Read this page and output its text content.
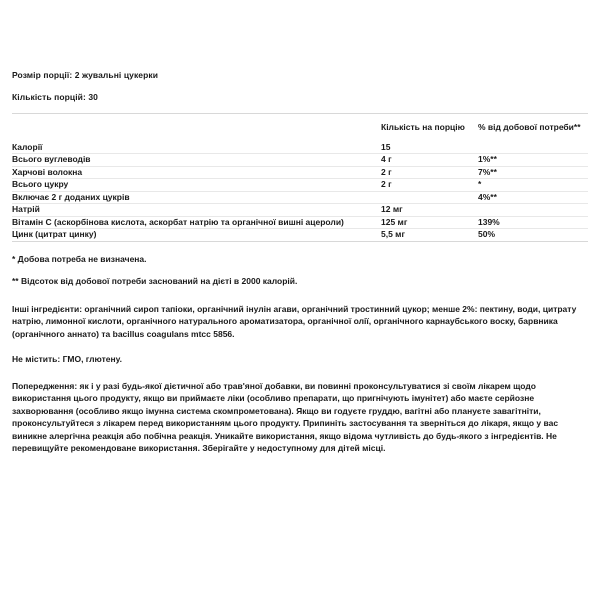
Розмір порції: 2 жувальні цукерки

Кількість порцій: 30

	Кількість на порцію	% від добової потреби**
Калорії	15	
Всього вуглеводів	4 г	1%**
Харчові волокна	2 г	7%**
Всього цукру	2 г	*
Включає 2 г доданих цукрів		4%**
Натрій	12 мг	
Вітамін C (аскорбінова кислота, аскорбат натрію та органічної вишні ацероли)	125 мг	139%
Цинк (цитрат цинку)	5,5 мг	50%

* Добова потреба не визначена.

** Відсоток від добової потреби заснований на дієті в 2000 калорій.

Інші інгредієнти: органічний сироп тапіоки, органічний інулін агави, органічний тростинний цукор; менше 2%: пектину, води, цитрату натрію, лимонної кислоти, органічного натурального ароматизатора, органічної олії, органічного карнаубського воску, барвника (органічного аннато) та bacillus coagulans mtcc 5856.

Не містить: ГМО, глютену.

Попередження: як і у разі будь-якої дієтичної або трав'яної добавки, ви повинні проконсультуватися зі своїм лікарем щодо використання цього продукту, якщо ви приймаєте ліки (особливо препарати, що пригнічують імунітет) або маєте серйозне захворювання (особливо якщо імунна система скомпрометована). Якщо ви годуєте груддю, вагітні або плануєте завагітніти, проконсультуйтеся з лікарем перед використанням цього продукту. Припиніть застосування та зверніться до лікаря, якщо у вас виникне алергічна реакція або побічна реакція. Уникайте використання, якщо відома чутливість до будь-якого з інгредієнтів. Не перевищуйте рекомендоване використання. Зберігайте у недоступному для дітей місці.
